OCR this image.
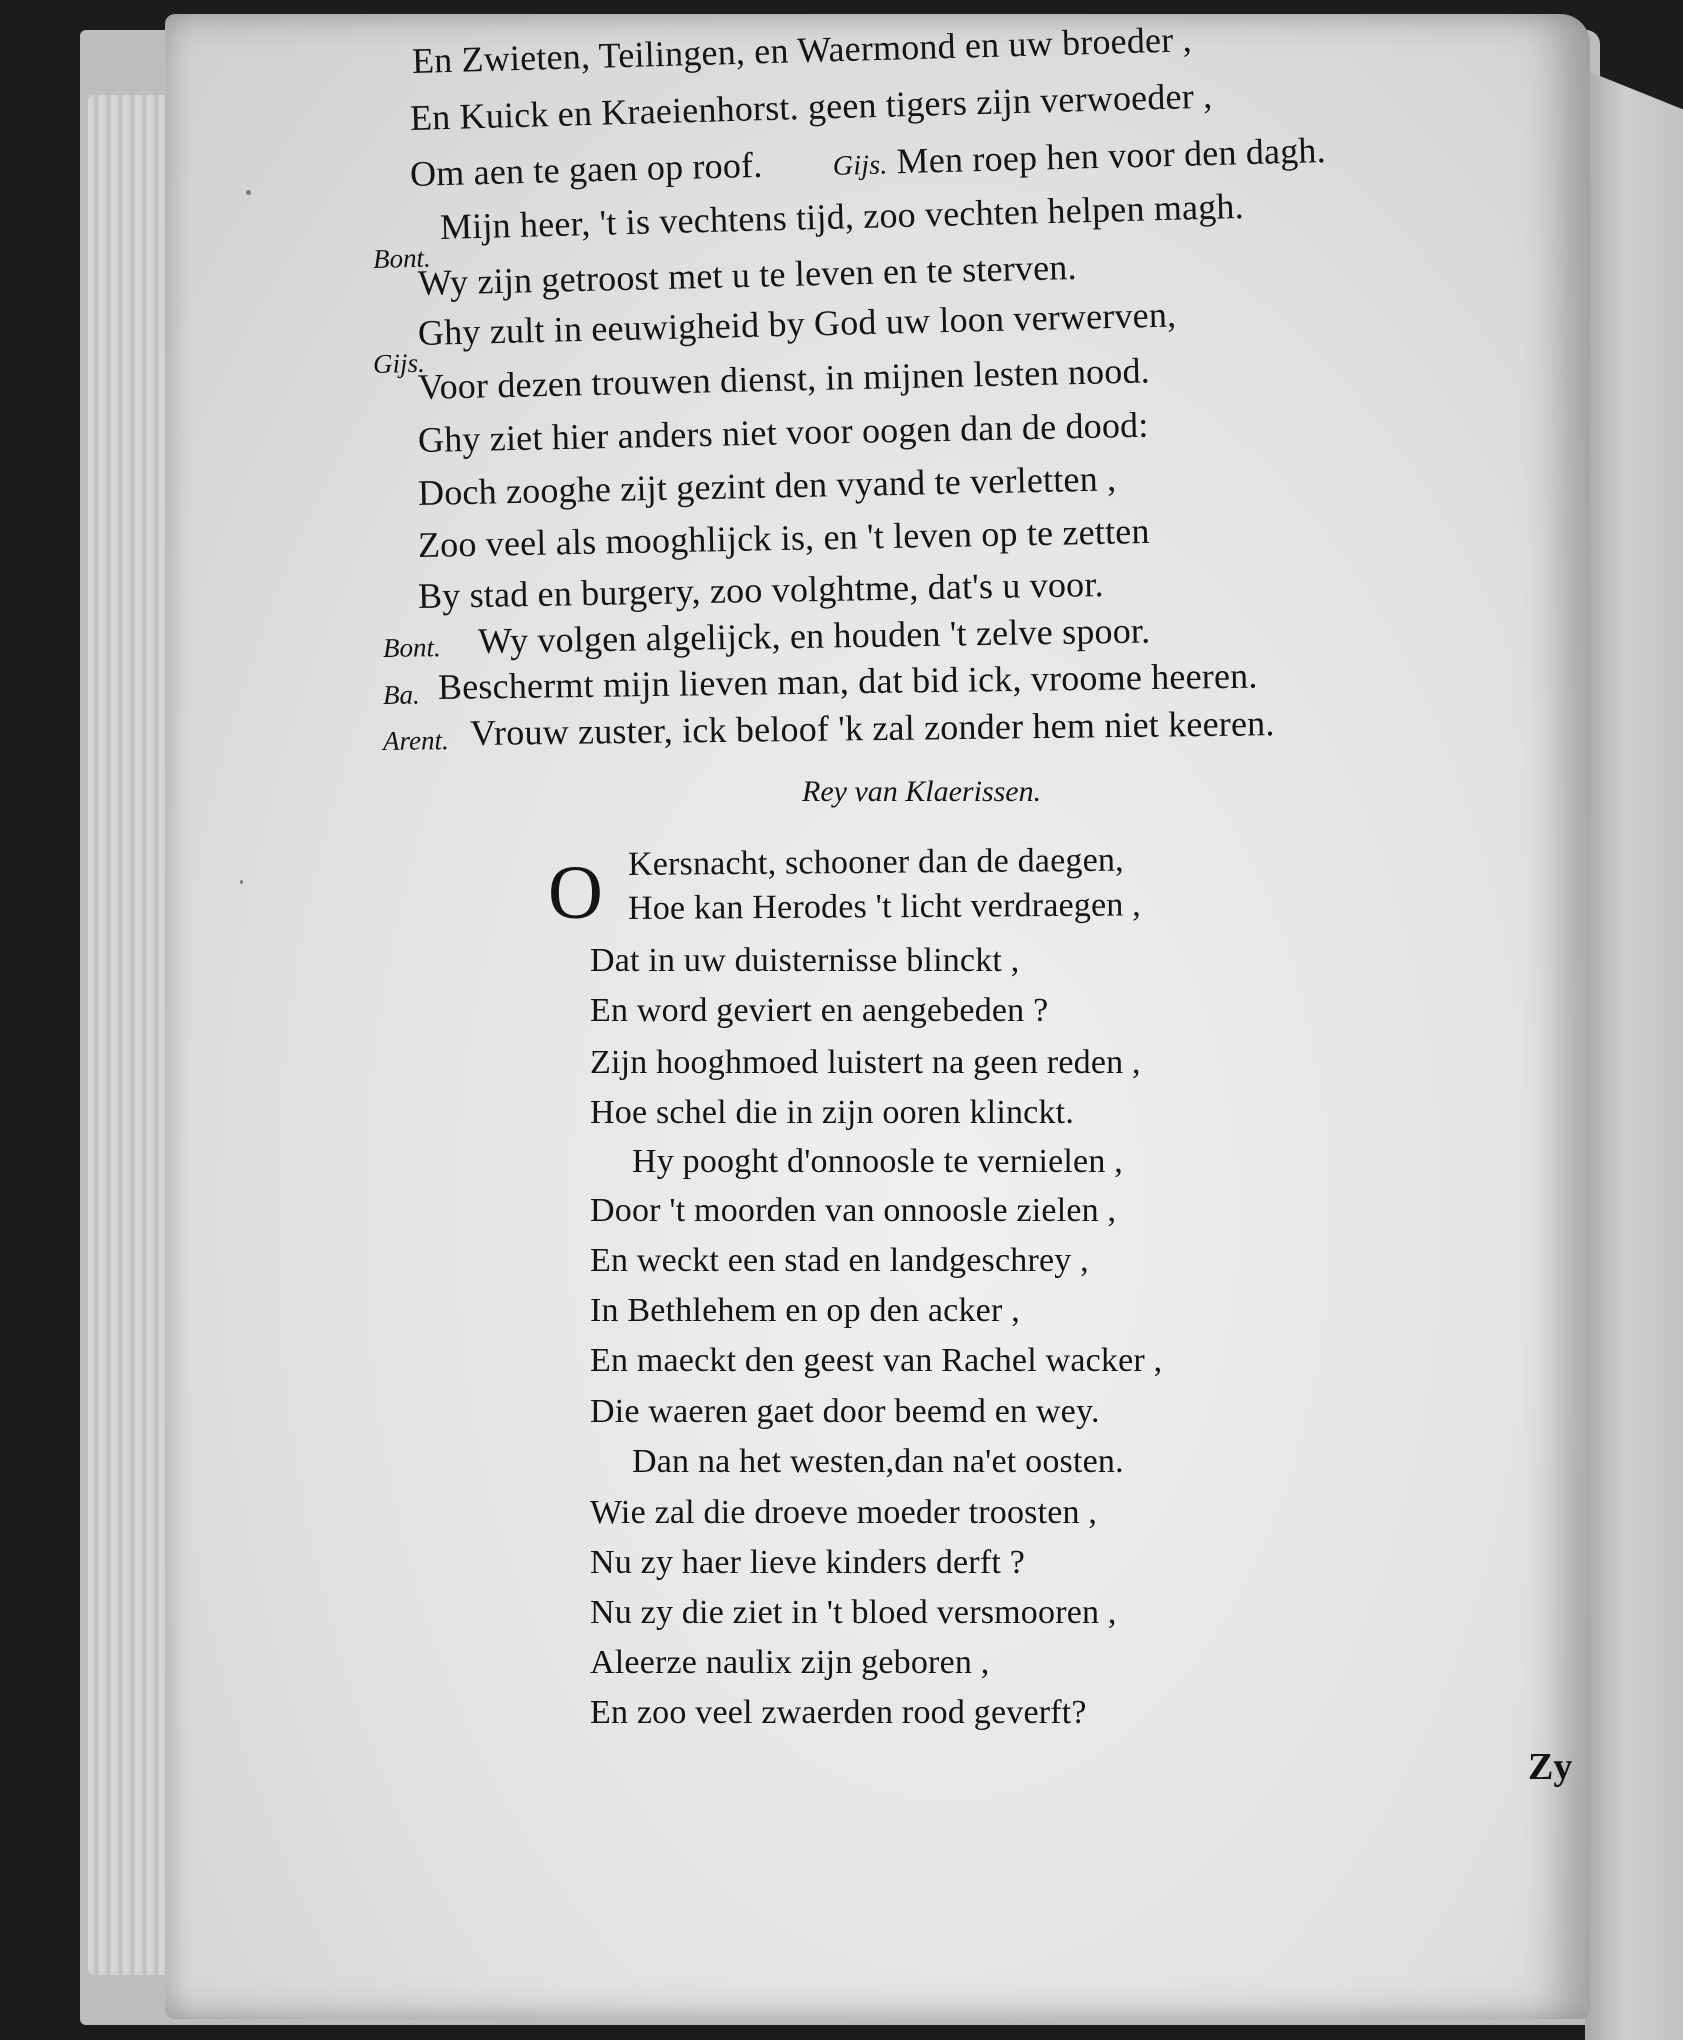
En Zwieten, Teilingen, en Waermond en uw broeder ,
En Kuick en Kraeienhorst. geen tigers zijn verwoeder ,
Om aen te gaen op roof. Gijs. Men roep hen voor den dagh.
Bont.
Mijn heer, 't is vechtens tijd, zoo vechten helpen magh.
Wy zijn getroost met u te leven en te sterven.
Gijs.
Ghy zult in eeuwigheid by God uw loon verwerven,
Voor dezen trouwen dienst, in mijnen lesten nood.
Ghy ziet hier anders niet voor oogen dan de dood:
Doch zooghe zijt gezint den vyand te verletten ,
Zoo veel als mooghlijck is, en 't leven op te zetten
By stad en burgery, zoo volghtme, dat's u voor.
Bont. Wy volgen algelijck, en houden 't zelve spoor.
Ba. Beschermt mijn lieven man, dat bid ick, vroome heeren.
Arent. Vrouw zuster, ick beloof 'k zal zonder hem niet keeren.
Rey van Klaerissen.
O Kersnacht, schooner dan de daegen,
Hoe kan Herodes 't licht verdraegen ,
Dat in uw duisternisse blinckt ,
En word geviert en aengebeden ?
Zijn hooghmoed luistert na geen reden ,
Hoe schel die in zijn ooren klinckt.
Hy pooght d'onnoosle te vernielen ,
Door 't moorden van onnoosle zielen ,
En weckt een stad en landgeschrey ,
In Bethlehem en op den acker ,
En maeckt den geest van Rachel wacker ,
Die waeren gaet door beemd en wey.
Dan na het westen,dan na'et oosten.
Wie zal die droeve moeder troosten ,
Nu zy haer lieve kinders derft ?
Nu zy die ziet in 't bloed versmooren ,
Aleerze naulix zijn geboren ,
En zoo veel zwaerden rood geverft?
Zy
